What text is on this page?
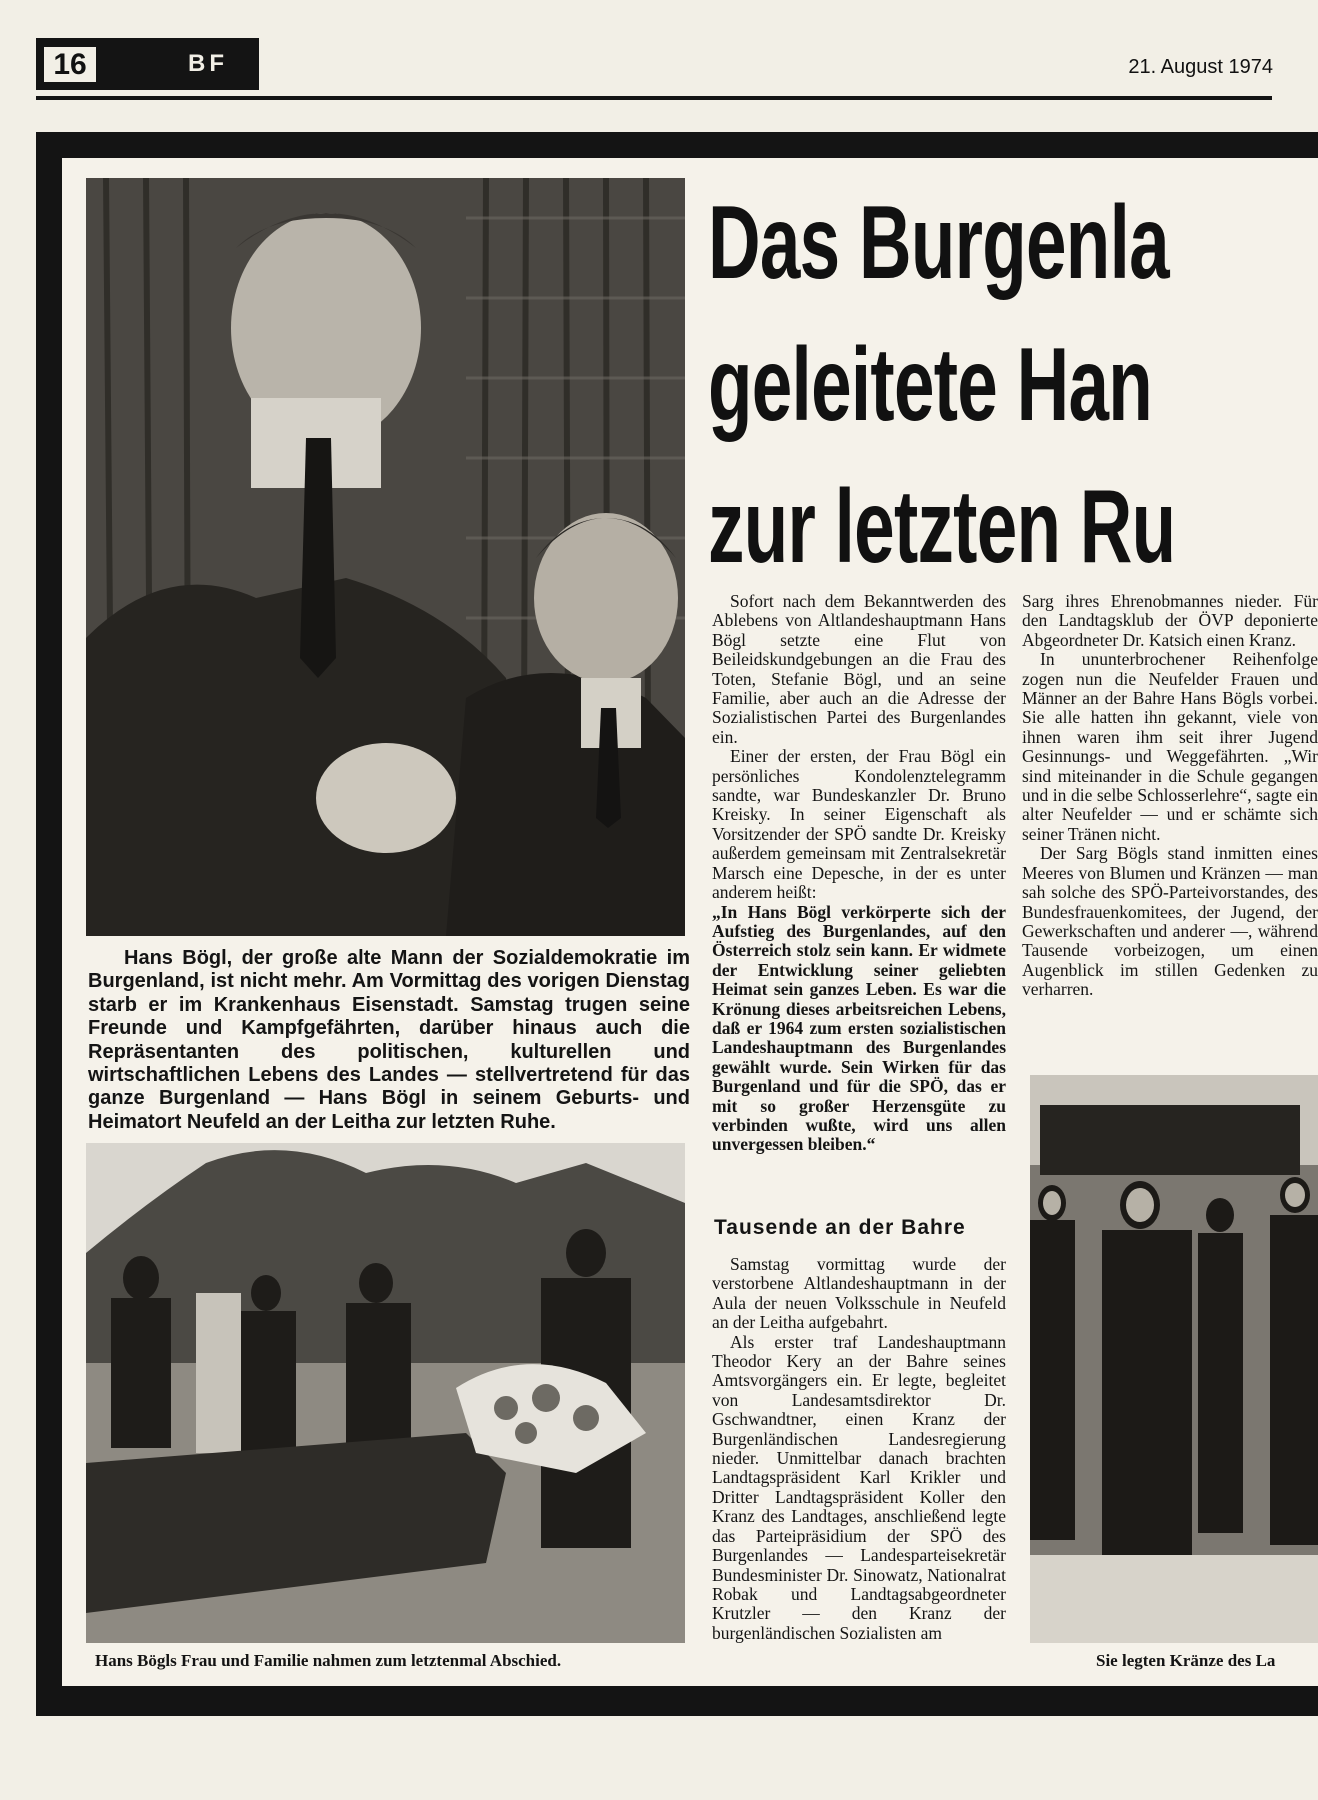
16	BF	21. August 1974
Das Burgenla
geleitete Han
zur letzten Ru
Hans Bögl, der große alte Mann der Sozialdemokratie im Burgenland, ist nicht mehr. Am Vormittag des vorigen Dienstag starb er im Krankenhaus Eisenstadt. Samstag trugen seine Freunde und Kampfgefährten, darüber hinaus auch die Repräsentanten des politischen, kulturellen und wirtschaftlichen Lebens des Landes — stellvertretend für das ganze Burgenland — Hans Bögl in seinem Geburts- und Heimatort Neufeld an der Leitha zur letzten Ruhe.
Hans Bögls Frau und Familie nahmen zum letztenmal Abschied.

Sofort nach dem Bekanntwerden des Ablebens von Altlandeshauptmann Hans Bögl setzte eine Flut von Beileidskundgebungen an die Frau des Toten, Stefanie Bögl, und an seine Familie, aber auch an die Adresse der Sozialistischen Partei des Burgenlandes ein.

Einer der ersten, der Frau Bögl ein persönliches Kondolenztelegramm sandte, war Bundeskanzler Dr. Bruno Kreisky. In seiner Eigenschaft als Vorsitzender der SPÖ sandte Dr. Kreisky außerdem gemeinsam mit Zentralsekretär Marsch eine Depesche, in der es unter anderem heißt:

„In Hans Bögl verkörperte sich der Aufstieg des Burgenlandes, auf den Österreich stolz sein kann. Er widmete der Entwicklung seiner geliebten Heimat sein ganzes Leben. Es war die Krönung dieses arbeitsreichen Lebens, daß er 1964 zum ersten sozialistischen Landeshauptmann des Burgenlandes gewählt wurde. Sein Wirken für das Burgenland und für die SPÖ, das er mit so großer Herzensgüte zu verbinden wußte, wird uns allen unvergessen bleiben.“

Tausende an der Bahre

Samstag vormittag wurde der verstorbene Altlandeshauptmann in der Aula der neuen Volksschule in Neufeld an der Leitha aufgebahrt.

Als erster traf Landeshauptmann Theodor Kery an der Bahre seines Amtsvorgängers ein. Er legte, begleitet von Landesamtsdirektor Dr. Gschwandtner, einen Kranz der Burgenländischen Landesregierung nieder. Unmittelbar danach brachten Landtagspräsident Karl Krikler und Dritter Landtagspräsident Koller den Kranz des Landtages, anschließend legte das Parteipräsidium der SPÖ des Burgenlandes — Landesparteisekretär Bundesminister Dr. Sinowatz, Nationalrat Robak und Landtagsabgeordneter Krutzler — den Kranz der burgenländischen Sozialisten am

Sarg ihres Ehrenobmannes nieder. Für den Landtagsklub der ÖVP deponierte Abgeordneter Dr. Katsich einen Kranz.

In ununterbrochener Reihenfolge zogen nun die Neufelder Frauen und Männer an der Bahre Hans Bögls vorbei. Sie alle hatten ihn gekannt, viele von ihnen waren ihm seit ihrer Jugend Gesinnungs- und Weggefährten. „Wir sind miteinander in die Schule gegangen und in die selbe Schlosserlehre“, sagte ein alter Neufelder — und er schämte sich seiner Tränen nicht.

Der Sarg Bögls stand inmitten eines Meeres von Blumen und Kränzen — man sah solche des SPÖ-Parteivorstandes, des Bundesfrauenkomitees, der Jugend, der Gewerkschaften und anderer —, während Tausende vorbeizogen, um einen Augenblick im stillen Gedenken zu verharren.

Sie legten Kränze des La
